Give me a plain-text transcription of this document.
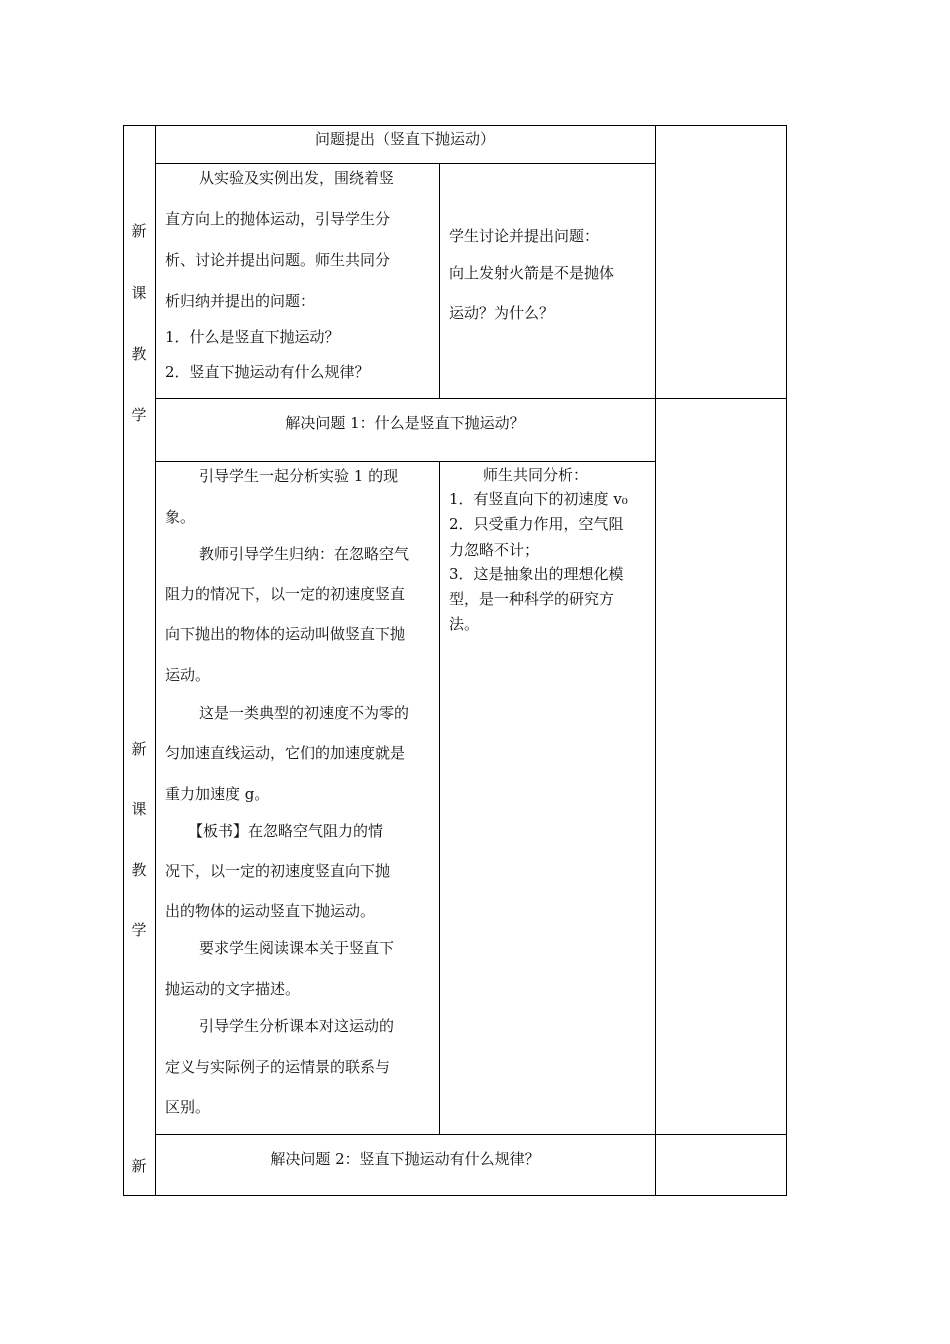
新
课
教
学
新
课
教
学
新
问题提出（竖直下抛运动）
从实验及实例出发，围绕着竖
直方向上的抛体运动，引导学生分
析、讨论并提出问题。师生共同分
析归纳并提出的问题：
1．什么是竖直下抛运动？
2．竖直下抛运动有什么规律？
学生讨论并提出问题：
向上发射火箭是不是抛体
运动？为什么？
解决问题 1：什么是竖直下抛运动？
引导学生一起分析实验 1 的现
象。
教师引导学生归纳：在忽略空气
阻力的情况下，以一定的初速度竖直
向下抛出的物体的运动叫做竖直下抛
运动。
这是一类典型的初速度不为零的
匀加速直线运动，它们的加速度就是
重力加速度 g。
【板书】在忽略空气阻力的情
况下，以一定的初速度竖直向下抛
出的物体的运动竖直下抛运动。
要求学生阅读课本关于竖直下
抛运动的文字描述。
引导学生分析课本对这运动的
定义与实际例子的运情景的联系与
区别。
师生共同分析：
1．有竖直向下的初速度 v₀
2．只受重力作用，空气阻
力忽略不计；
3．这是抽象出的理想化模
型，是一种科学的研究方
法。
解决问题 2：竖直下抛运动有什么规律？
